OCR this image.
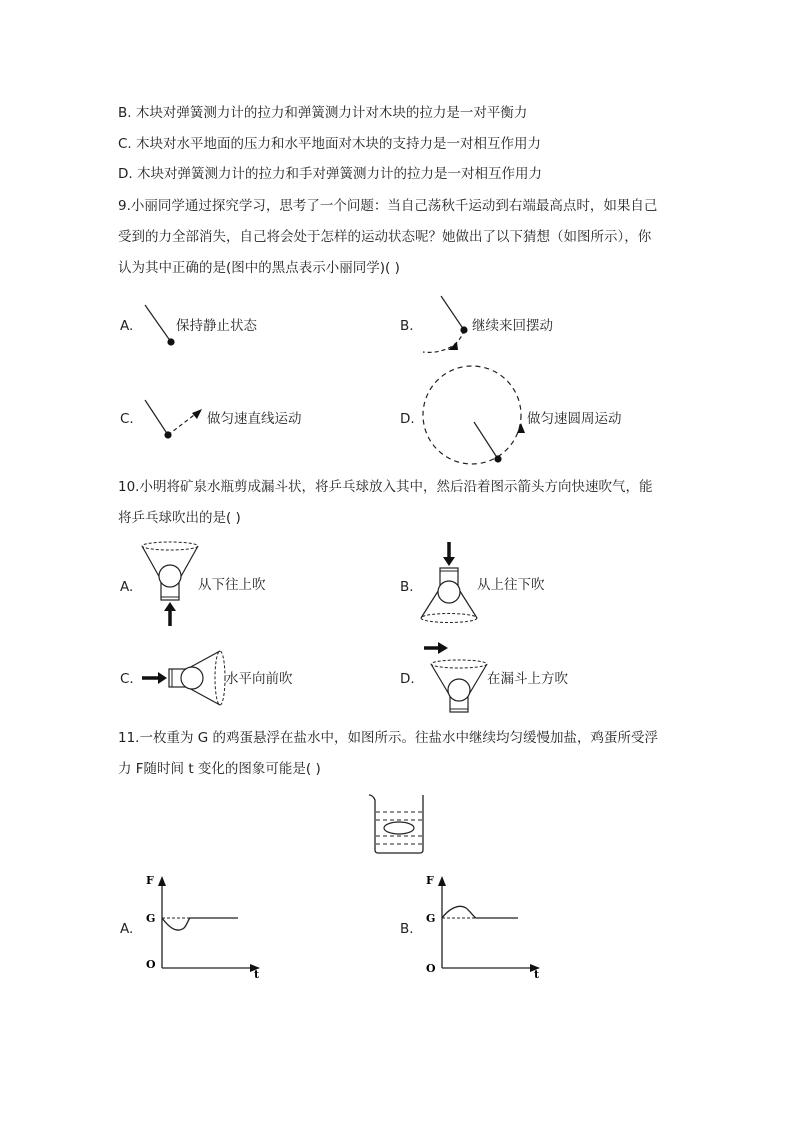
B. 木块对弹簧测力计的拉力和弹簧测力计对木块的拉力是一对平衡力
C. 木块对水平地面的压力和水平地面对木块的支持力是一对相互作用力
D. 木块对弹簧测力计的拉力和手对弹簧测力计的拉力是一对相互作用力
9.小丽同学通过探究学习，思考了一个问题：当自己荡秋千运动到右端最高点时，如果自己
受到的力全部消失，自己将会处于怎样的运动状态呢？她做出了以下猜想（如图所示），你
认为其中正确的是(图中的黑点表示小丽同学)( )
A.	保持静止状态	B.	继续来回摆动
C.	做匀速直线运动	D.	做匀速圆周运动
10.小明将矿泉水瓶剪成漏斗状，将乒乓球放入其中，然后沿着图示箭头方向快速吹气，能
将乒乓球吹出的是( )
A.	从下往上吹	B.	从上往下吹
C.	水平向前吹	D.	在漏斗上方吹
11.一枚重为 G 的鸡蛋悬浮在盐水中，如图所示。往盐水中继续均匀缓慢加盐，鸡蛋所受浮
力 F随时间 t 变化的图象可能是( )
A.
F
G
O
t
B.
F
G
O	t
